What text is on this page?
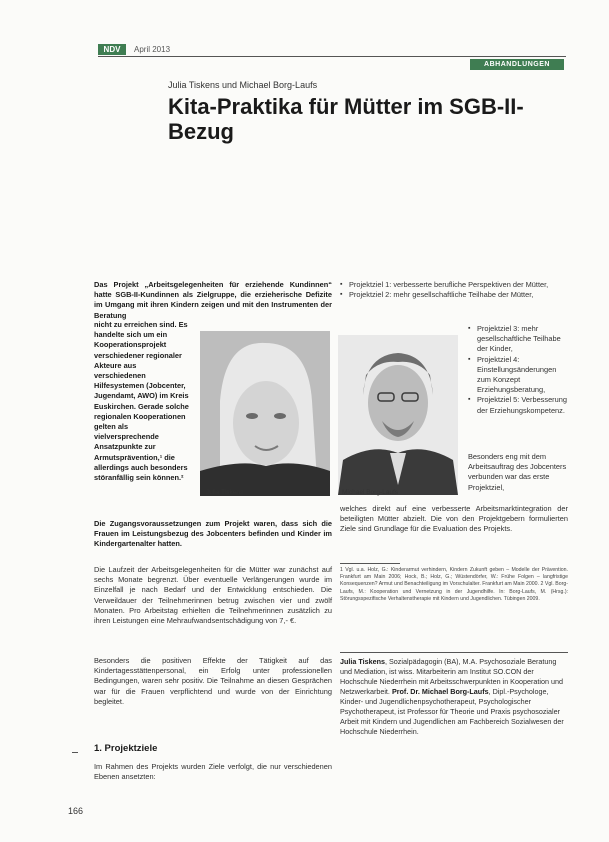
NDV	April 2013
ABHANDLUNGEN
Julia Tiskens und Michael Borg-Laufs
Kita-Praktika für Mütter im SGB-II-Bezug
Das Projekt „Arbeitsgelegenheiten für erziehende Kundinnen“ hatte SGB-II-Kundinnen als Zielgruppe, die erzieherische Defizite im Umgang mit ihren Kindern zeigen und mit den Instrumenten der Beratung
nicht zu erreichen sind. Es handelte sich um ein Kooperationsprojekt verschiedener regionaler Akteure aus verschiedenen Hilfesystemen (Jobcenter, Jugendamt, AWO) im Kreis Euskirchen. Gerade solche regionalen Kooperationen gelten als vielversprechende Ansatzpunkte zur Armutsprävention,¹ die allerdings auch besonders störanfällig sein können.²
Die Zugangsvoraussetzungen zum Projekt waren, dass sich die Frauen im Leistungsbezug des Jobcenters befinden und Kinder im Kindergartenalter hatten.
Julia Tiskens	Michael Borg-Laufs
▪ Projektziel 1: verbesserte berufliche Perspektiven der Mütter,
▪ Projektziel 2: mehr gesellschaftliche Teilhabe der Mütter,
▪ Projektziel 3: mehr gesellschaftliche Teilhabe der Kinder,
▪ Projektziel 4: Einstellungsänderungen zum Konzept Erziehungsberatung,
▪ Projektziel 5: Verbesserung der Erziehungskompetenz.
Besonders eng mit dem Arbeitsauftrag des Jobcenters verbunden war das erste Projektziel,
welches direkt auf eine verbesserte Arbeitsmarktintegration der beteiligten Mütter abzielt. Die von den Projektgebern formulierten Ziele sind Grundlage für die Evaluation des Projekts.
Die Laufzeit der Arbeitsgelegenheiten für die Mütter war zunächst auf sechs Monate begrenzt. Über eventuelle Verlängerungen wurde im Einzelfall je nach Bedarf und der Entwicklung entschieden. Die Verweildauer der Teilnehmerinnen betrug zwischen vier und zwölf Monaten. Pro Arbeitstag erhielten die Teilnehmerinnen zusätzlich zu ihren Leistungen eine Mehraufwandsentschädigung von 7,- €.
Besonders die positiven Effekte der Tätigkeit auf das Kindertagesstättenpersonal, ein Erfolg unter professionellen Bedingungen, waren sehr positiv. Die Teilnahme an diesen Gesprächen war für die Frauen verpflichtend und wurde von der Einrichtung begleitet.
1. Projektziele
Im Rahmen des Projekts wurden Ziele verfolgt, die nur verschiedenen Ebenen ansetzten:
1 Vgl. u.a. Holz, G.: Kinderarmut verhindern, Kindern Zukunft geben – Modelle der Prävention. Frankfurt am Main 2006; Hock, B.; Holz, G.; Wüstendörfer, W.: Frühe Folgen – langfristige Konsequenzen? Armut und Benachteiligung im Vorschulalter. Frankfurt am Main 2000. 2 Vgl. Borg-Laufs, M.: Kooperation und Vernetzung in der Jugendhilfe. In: Borg-Laufs, M. (Hrsg.): Störungsspezifische Verhaltenstherapie mit Kindern und Jugendlichen. Tübingen 2009.
Julia Tiskens, Sozialpädagogin (BA), M.A. Psychosoziale Beratung und Mediation, ist wiss. Mitarbeiterin am Institut SO.CON der Hochschule Niederrhein mit Arbeitsschwerpunkten in Kooperation und Netzwerkarbeit. Prof. Dr. Michael Borg-Laufs, Dipl.-Psychologe, Kinder- und Jugendlichenpsychotherapeut, Psychologischer Psychotherapeut, ist Professor für Theorie und Praxis psychosozialer Arbeit mit Kindern und Jugendlichen am Fachbereich Sozialwesen der Hochschule Niederrhein.
166
